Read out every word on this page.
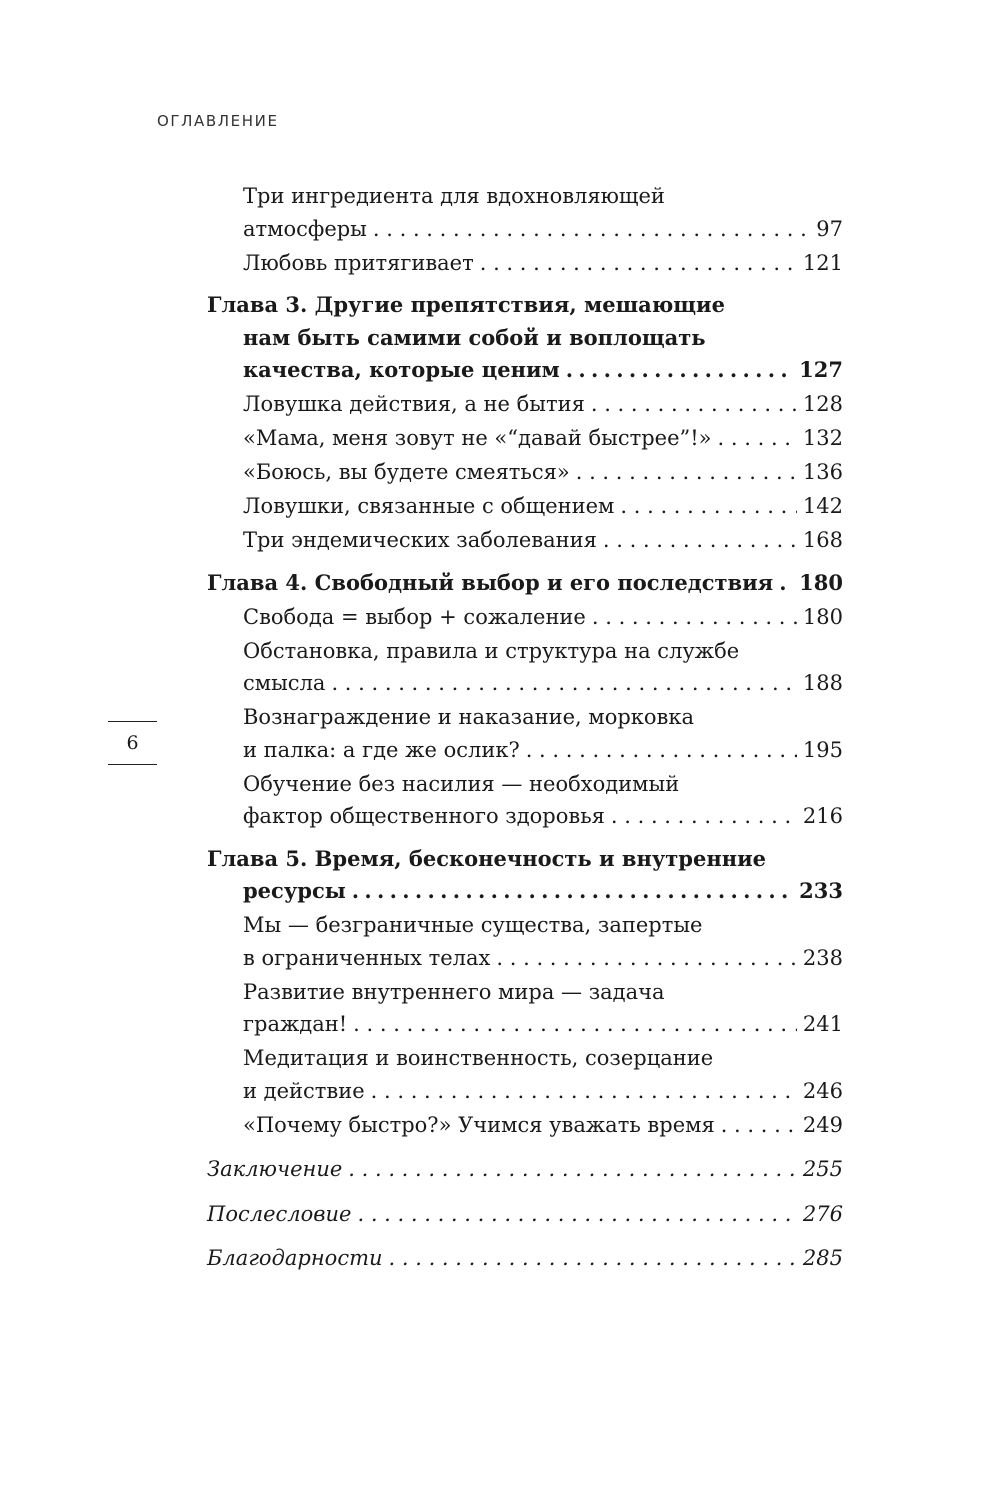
ОГЛАВЛЕНИЕ
6
Три ингредиента для вдохновляющей
атмосферы . . .	97
Любовь притягивает . . .	121
Глава 3. Другие препятствия, мешающие
нам быть самими собой и воплощать
качества, которые ценим . . .	127
Ловушка действия, а не бытия . . .	128
«Мама, меня зовут не «“давай быстрее”!» . . .	132
«Боюсь, вы будете смеяться» . . .	136
Ловушки, связанные с общением . . .	142
Три эндемических заболевания . . .	168
Глава 4. Свободный выбор и его последствия . . . 180
Свобода = выбор + сожаление . . .	180
Обстановка, правила и структура на службе
смысла . . .	188
Вознаграждение и наказание, морковка
и палка: а где же ослик? . . .	195
Обучение без насилия — необходимый
фактор общественного здоровья . . .	216
Глава 5. Время, бесконечность и внутренние
ресурсы . . .	233
Мы — безграничные существа, запертые
в ограниченных телах . . .	238
Развитие внутреннего мира — задача
граждан! . . .	241
Медитация и воинственность, созерцание
и действие . . .	246
«Почему быстро?» Учимся уважать время . . .	249
Заключение . . .	255
Послесловие . . .	276
Благодарности . . .	285
